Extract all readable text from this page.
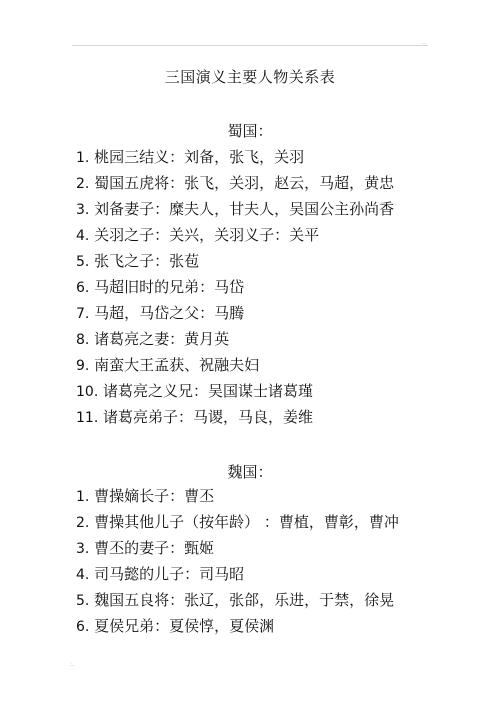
..
三国演义主要人物关系表
蜀国：
1. 桃园三结义：刘备，张飞，关羽
2. 蜀国五虎将：张飞，关羽，赵云，马超，黄忠
3. 刘备妻子：糜夫人，甘夫人，吴国公主孙尚香
4. 关羽之子：关兴，关羽义子：关平
5. 张飞之子：张苞
6. 马超旧时的兄弟：马岱
7. 马超，马岱之父：马腾
8. 诸葛亮之妻：黄月英
9. 南蛮大王孟获、祝融夫妇
10. 诸葛亮之义兄：吴国谋士诸葛瑾
11. 诸葛亮弟子：马谡，马良，姜维
魏国：
1. 曹操嫡长子：曹丕
2. 曹操其他儿子（按年龄） ：曹植，曹彰，曹冲
3. 曹丕的妻子：甄姬
4. 司马懿的儿子：司马昭
5. 魏国五良将：张辽，张郃，乐进，于禁，徐晃
6. 夏侯兄弟：夏侯惇，夏侯渊
:.
